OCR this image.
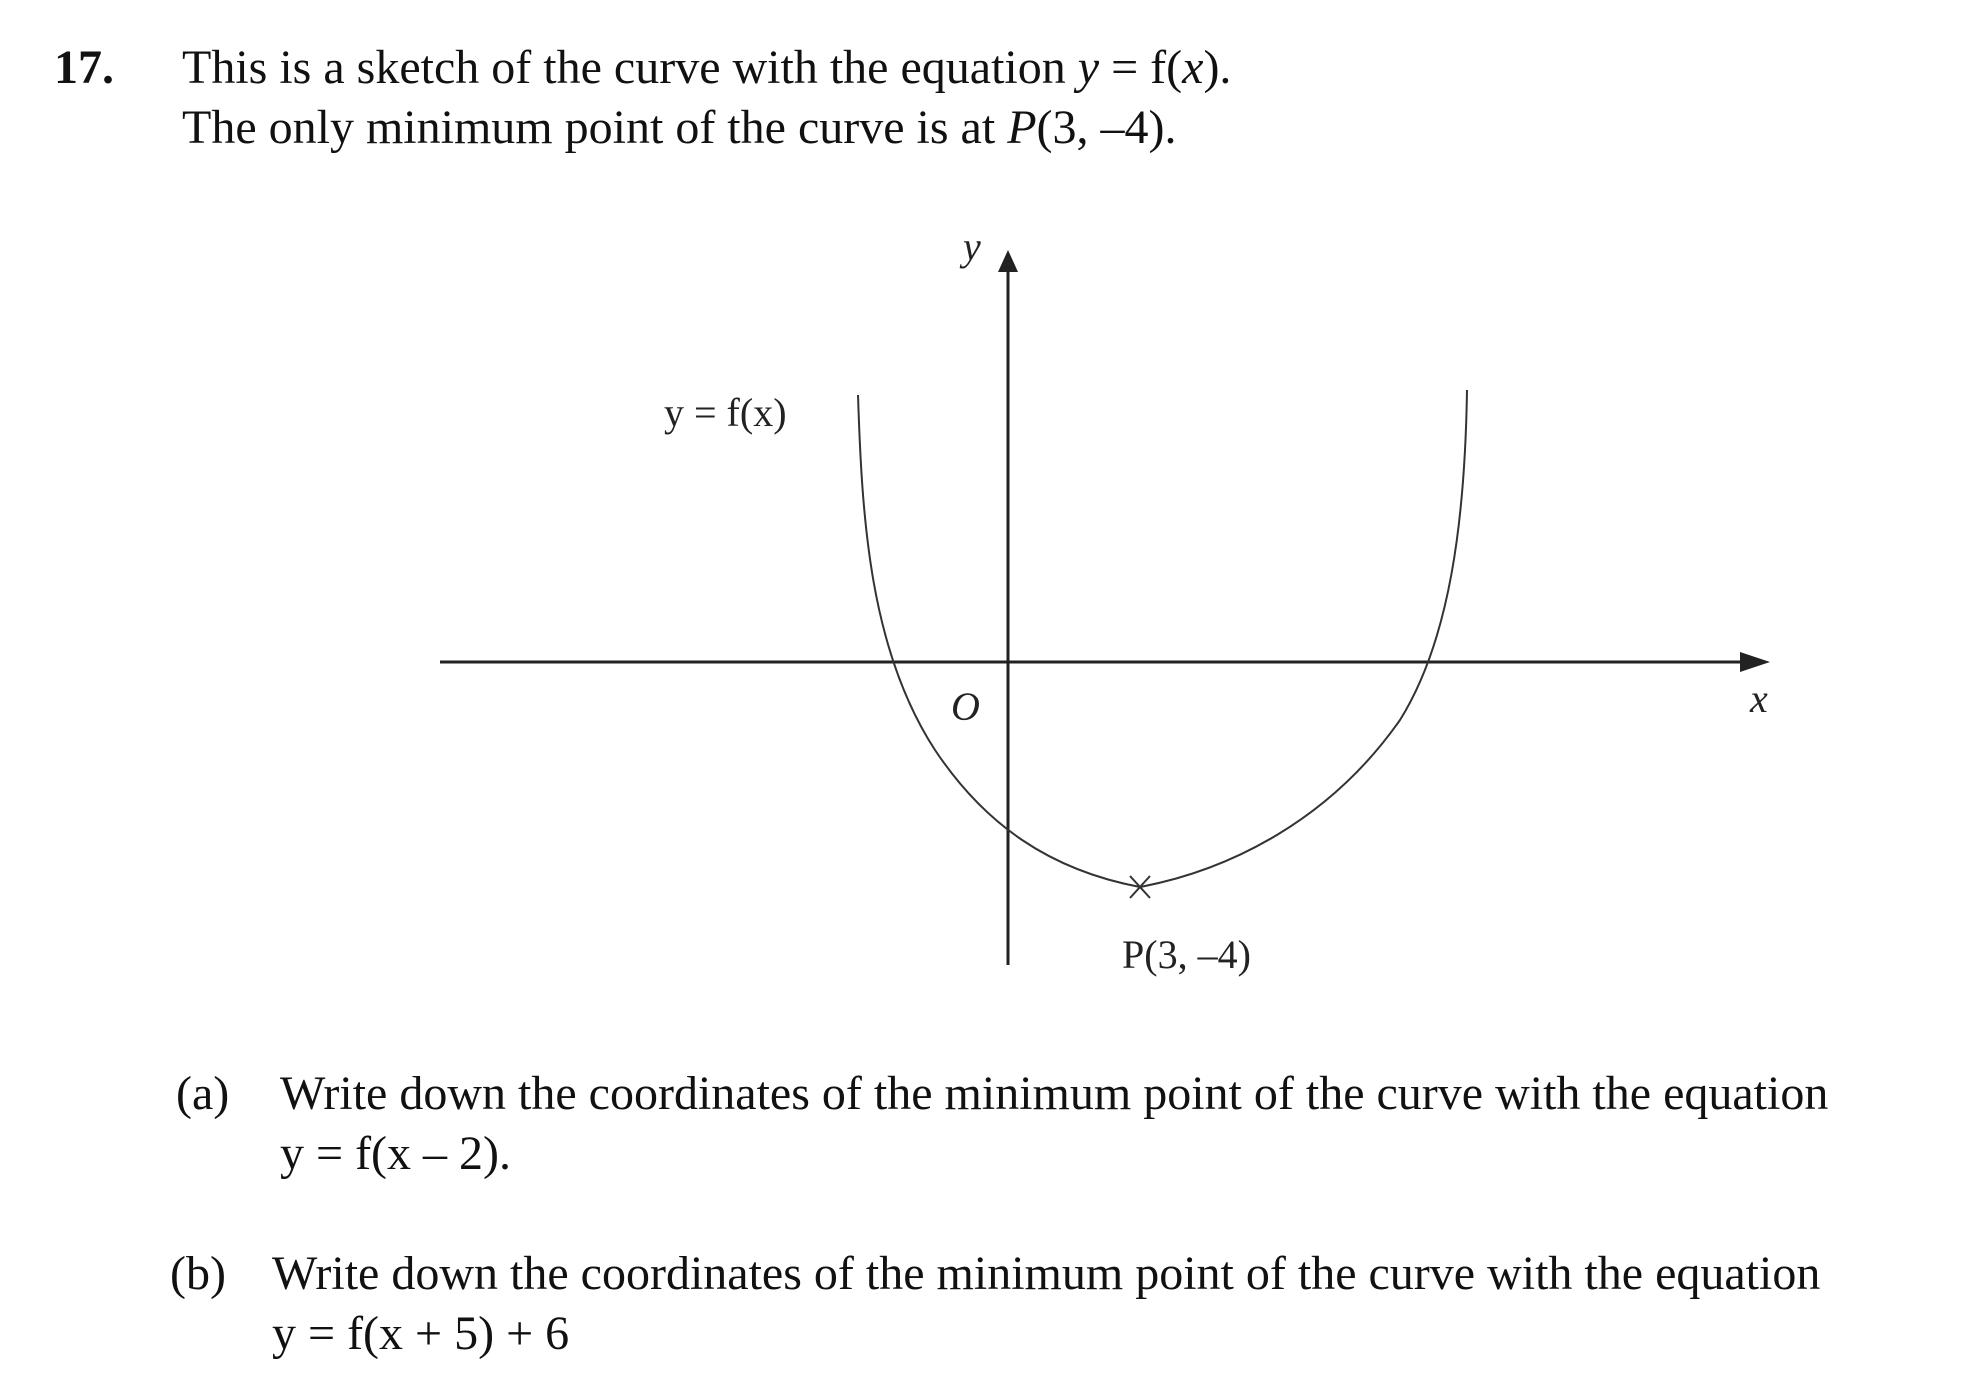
17. This is a sketch of the curve with the equation y = f(x).
The only minimum point of the curve is at P(3, –4).
y
x
O
y = f(x)
P(3, –4)
(a) Write down the coordinates of the minimum point of the curve with the equation
y = f(x – 2).
(b) Write down the coordinates of the minimum point of the curve with the equation
y = f(x + 5) + 6
